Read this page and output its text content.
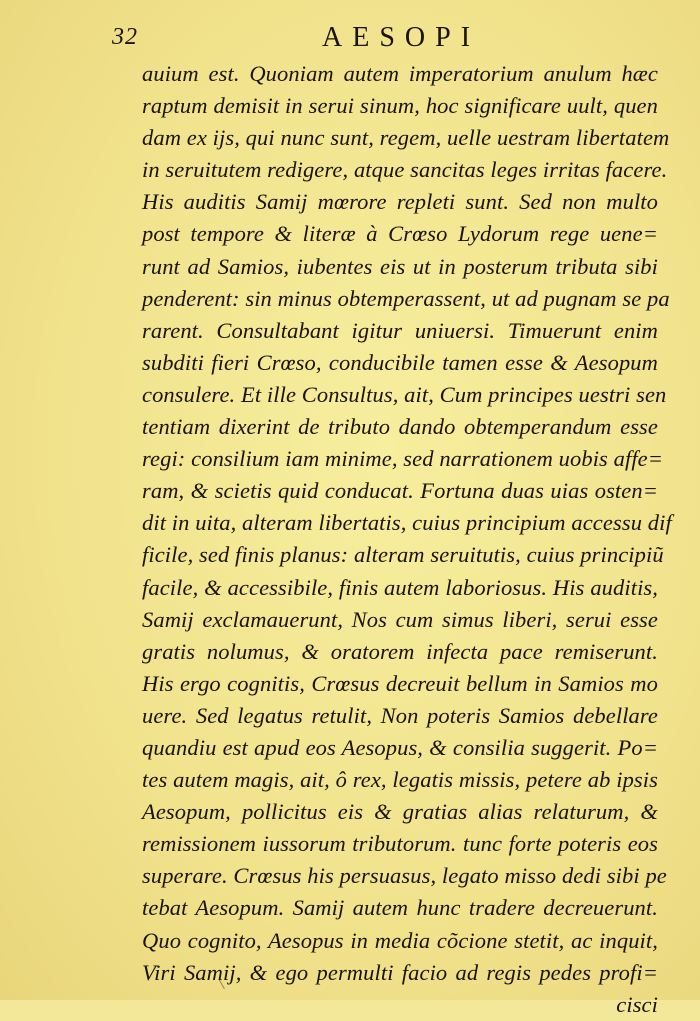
32	AESOPI
auium est. Quoniam autem imperatorium anulum hæc
raptum demisit in serui sinum, hoc significare uult, quen
dam ex ijs, qui nunc sunt, regem, uelle uestram libertatem
in seruitutem redigere, atque sancitas leges irritas facere.
His auditis Samij mœrore repleti sunt. Sed non multo
post tempore & literæ à Crœso Lydorum rege uene=
runt ad Samios, iubentes eis ut in posterum tributa sibi
penderent: sin minus obtemperassent, ut ad pugnam se pa
rarent. Consultabant igitur uniuersi. Timuerunt enim
subditi fieri Crœso, conducibile tamen esse & Aesopum
consulere. Et ille Consultus, ait, Cum principes uestri sen
tentiam dixerint de tributo dando obtemperandum esse
regi: consilium iam minime, sed narrationem uobis affe=
ram, & scietis quid conducat. Fortuna duas uias osten=
dit in uita, alteram libertatis, cuius principium accessu dif
ficile, sed finis planus: alteram seruitutis, cuius principiũ
facile, & accessibile, finis autem laboriosus. His auditis,
Samij exclamauerunt, Nos cum simus liberi, serui esse
gratis nolumus, & oratorem infecta pace remiserunt.
His ergo cognitis, Crœsus decreuit bellum in Samios mo
uere. Sed legatus retulit, Non poteris Samios debellare
quandiu est apud eos Aesopus, & consilia suggerit. Po=
tes autem magis, ait, ô rex, legatis missis, petere ab ipsis
Aesopum, pollicitus eis & gratias alias relaturum, &
remissionem iussorum tributorum. tunc forte poteris eos
superare. Crœsus his persuasus, legato misso dedi sibi pe
tebat Aesopum. Samij autem hunc tradere decreuerunt.
Quo cognito, Aesopus in media cõcione stetit, ac inquit,
Viri Samij, & ego permulti facio ad regis pedes profi=
cisci
